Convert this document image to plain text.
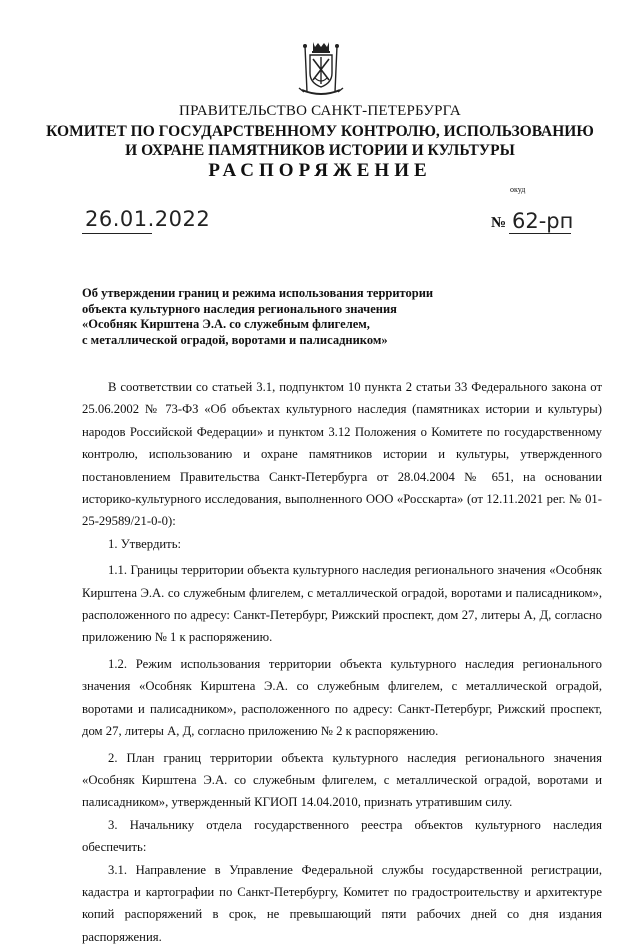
ПРАВИТЕЛЬСТВО САНКТ-ПЕТЕРБУРГА
КОМИТЕТ ПО ГОСУДАРСТВЕННОМУ КОНТРОЛЮ, ИСПОЛЬЗОВАНИЮ
И ОХРАНЕ ПАМЯТНИКОВ ИСТОРИИ И КУЛЬТУРЫ
РАСПОРЯЖЕНИЕ
окуд
26.01.2022	№ 62-рп
Об утверждении границ и режима использования территории
объекта культурного наследия регионального значения
«Особняк Кирштена Э.А. со служебным флигелем,
с металлической оградой, воротами и палисадником»

В соответствии со статьей 3.1, подпунктом 10 пункта 2 статьи 33 Федерального закона от 25.06.2002 № 73-ФЗ «Об объектах культурного наследия (памятниках истории и культуры) народов Российской Федерации» и пунктом 3.12 Положения о Комитете по государственному контролю, использованию и охране памятников истории и культуры, утвержденного постановлением Правительства Санкт-Петербурга от 28.04.2004 № 651, на основании историко-культурного исследования, выполненного ООО «Росскарта» (от 12.11.2021 рег. № 01-25-29589/21-0-0):

1. Утвердить:

1.1. Границы территории объекта культурного наследия регионального значения «Особняк Кирштена Э.А. со служебным флигелем, с металлической оградой, воротами и палисадником», расположенного по адресу: Санкт-Петербург, Рижский проспект, дом 27, литеры А, Д, согласно приложению № 1 к распоряжению.

1.2. Режим использования территории объекта культурного наследия регионального значения «Особняк Кирштена Э.А. со служебным флигелем, с металлической оградой, воротами и палисадником», расположенного по адресу: Санкт-Петербург, Рижский проспект, дом 27, литеры А, Д, согласно приложению № 2 к распоряжению.

2. План границ территории объекта культурного наследия регионального значения «Особняк Кирштена Э.А. со служебным флигелем, с металлической оградой, воротами и палисадником», утвержденный КГИОП 14.04.2010, признать утратившим силу.

3. Начальнику отдела государственного реестра объектов культурного наследия обеспечить:

3.1. Направление в Управление Федеральной службы государственной регистрации, кадастра и картографии по Санкт-Петербургу, Комитет по градостроительству и архитектуре копий распоряжений в срок, не превышающий пяти рабочих дней со дня издания распоряжения.
